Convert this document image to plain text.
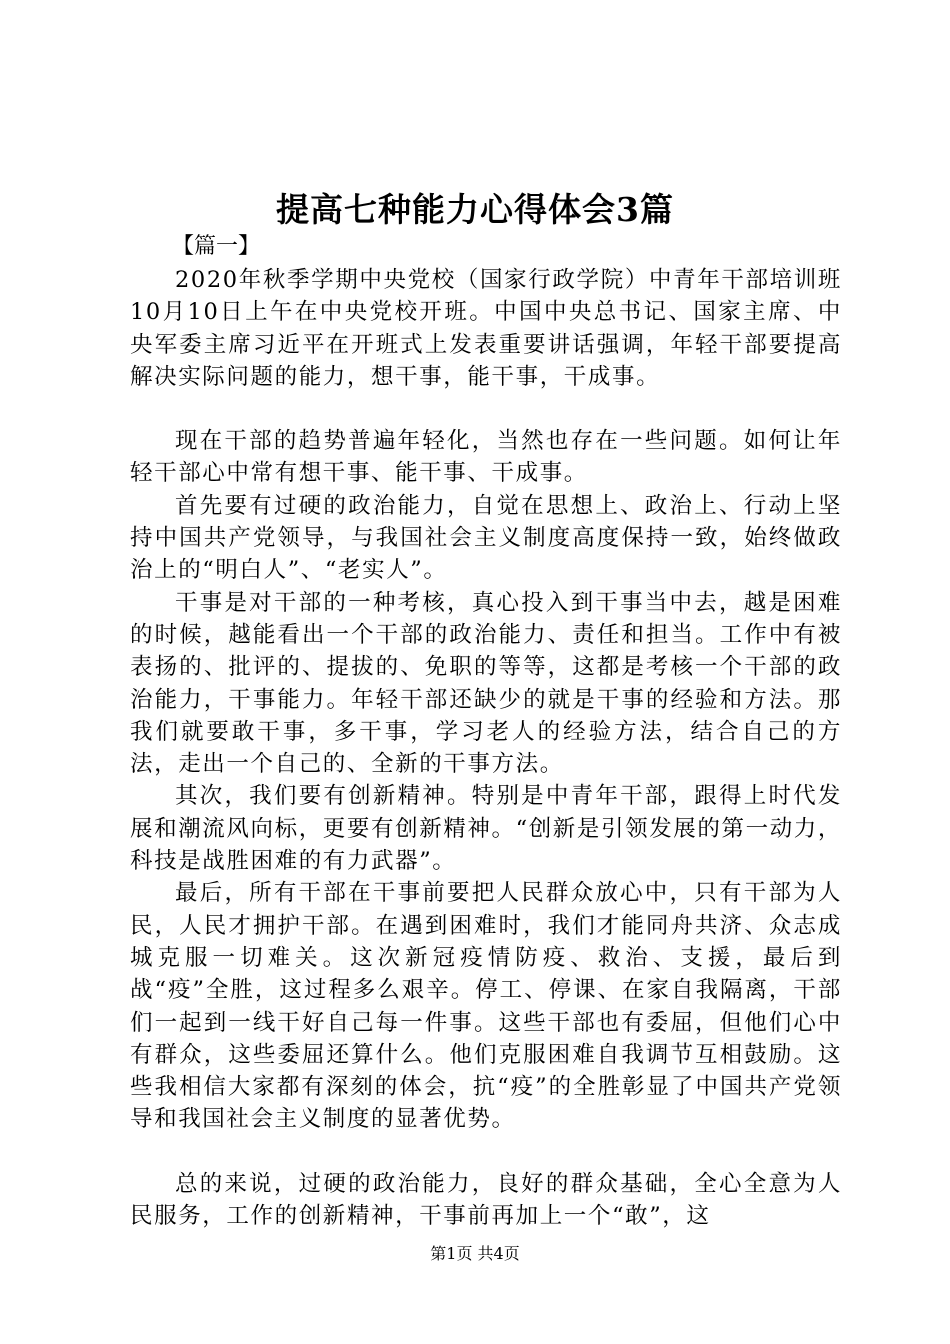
提高七种能力心得体会3篇
【篇一】

2020年秋季学期中央党校（国家行政学院）中青年干部培训班10月10日上午在中央党校开班。中国中央总书记、国家主席、中央军委主席习近平在开班式上发表重要讲话强调，年轻干部要提高解决实际问题的能力，想干事，能干事，干成事。

现在干部的趋势普遍年轻化，当然也存在一些问题。如何让年轻干部心中常有想干事、能干事、干成事。

首先要有过硬的政治能力，自觉在思想上、政治上、行动上坚持中国共产党领导，与我国社会主义制度高度保持一致，始终做政治上的“明白人”、“老实人”。

干事是对干部的一种考核，真心投入到干事当中去，越是困难的时候，越能看出一个干部的政治能力、责任和担当。工作中有被表扬的、批评的、提拔的、免职的等等，这都是考核一个干部的政治能力，干事能力。年轻干部还缺少的就是干事的经验和方法。那我们就要敢干事，多干事，学习老人的经验方法，结合自己的方法，走出一个自己的、全新的干事方法。

其次，我们要有创新精神。特别是中青年干部，跟得上时代发展和潮流风向标，更要有创新精神。“创新是引领发展的第一动力，科技是战胜困难的有力武器”。

最后，所有干部在干事前要把人民群众放心中，只有干部为人民，人民才拥护干部。在遇到困难时，我们才能同舟共济、众志成城克服一切难关。这次新冠疫情防疫、救治、支援，最后到战“疫”全胜，这过程多么艰辛。停工、停课、在家自我隔离，干部们一起到一线干好自己每一件事。这些干部也有委屈，但他们心中有群众，这些委屈还算什么。他们克服困难自我调节互相鼓励。这些我相信大家都有深刻的体会，抗“疫”的全胜彰显了中国共产党领导和我国社会主义制度的显著优势。

总的来说，过硬的政治能力，良好的群众基础，全心全意为人民服务，工作的创新精神，干事前再加上一个“敢”，这

第1页 共4页
